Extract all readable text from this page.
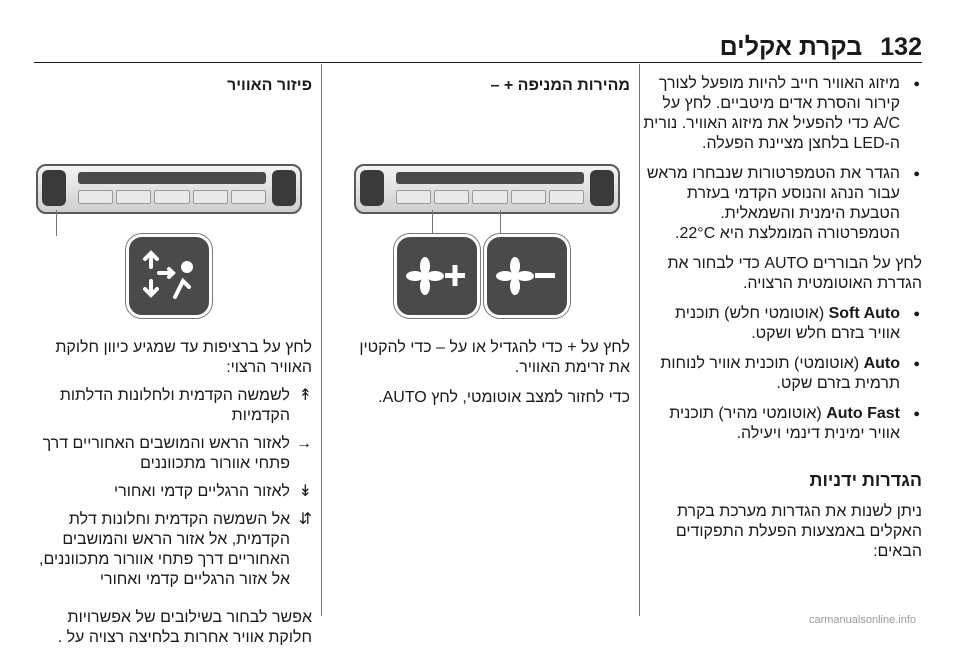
132
בקרת אקלים
● מיזוג האוויר חייב להיות מופעל לצורך קירור והסרת אדים מיטביים. לחץ על A/C כדי להפעיל את מיזוג האוויר. נורית ה-LED בלחצן מציינת הפעלה.
● הגדר את הטמפרטורות שנבחרו מראש עבור הנהג והנוסע הקדמי בעזרת הטבעת הימנית והשמאלית. הטמפרטורה המומלצת היא 22°C.

לחץ על הבוררים AUTO כדי לבחור את הגדרת האוטומטית הרצויה.

● Soft Auto (אוטומטי חלש) תוכנית אוויר בזרם חלש ושקט.
● Auto (אוטומטי) תוכנית אוויר לנוחות תרמית בזרם שקט.
● Auto Fast (אוטומטי מהיר) תוכנית אוויר ימינית דינמי ויעילה.
הגדרות ידניות
ניתן לשנות את הגדרות מערכת בקרת האקלים באמצעות הפעלת התפקודים הבאים:
מהירות המניפה + –

לחץ על + כדי להגדיל או על – כדי להקטין את זרימת האוויר.

כדי לחזור למצב אוטומטי, לחץ AUTO.

פיזור האוויר

לחץ על ברציפות עד שמגיע כיוון חלוקת האוויר הרצוי:

↟
לשמשה הקדמית ולחלונות הדלתות הקדמיות
→
לאזור הראש והמושבים האחוריים דרך פתחי אוורור מתכווננים
↡
לאזור הרגליים קדמי ואחורי
⇵
אל השמשה הקדמית וחלונות דלת הקדמית, אל אזור הראש והמושבים האחוריים דרך פתחי אוורור מתכווננים, אל אזור הרגליים קדמי ואחורי

אפשר לבחור בשילובים של אפשרויות חלוקת אוויר אחרות בלחיצה רצויה על .

carmanualsonline.info
